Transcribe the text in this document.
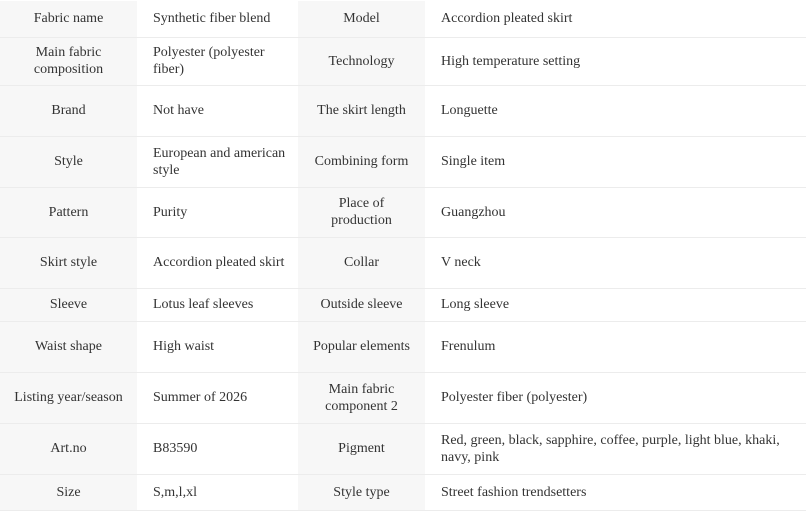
Fabric name	Synthetic fiber blend	Model	Accordion pleated skirt
Main fabric composition	Polyester (polyester fiber)	Technology	High temperature setting
Brand	Not have	The skirt length	Longuette
Style	European and american style	Combining form	Single item
Pattern	Purity	Place of production	Guangzhou
Skirt style	Accordion pleated skirt	Collar	V neck
Sleeve	Lotus leaf sleeves	Outside sleeve	Long sleeve
Waist shape	High waist	Popular elements	Frenulum
Listing year/season	Summer of 2026	Main fabric component 2	Polyester fiber (polyester)
Art.no	B83590	Pigment	Red, green, black, sapphire, coffee, purple, light blue, khaki, navy, pink
Size	S,m,l,xl	Style type	Street fashion trendsetters
